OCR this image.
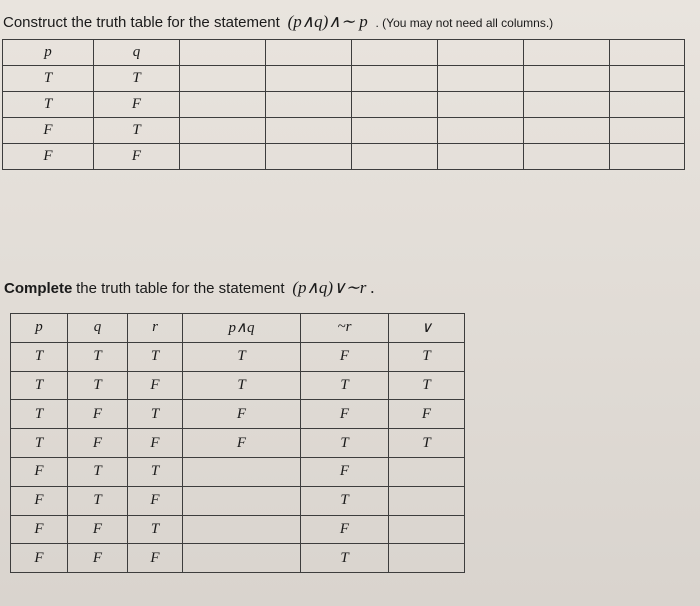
Construct the truth table for the statement (p∧q)∧∼ p . (You may not need all columns.)
p	q						
T	T						
T	F						
F	T						
F	F						
Complete the truth table for the statement (p∧q)∨∼r .
p	q	r	p∧q	~r	∨
T	T	T	T	F	T
T	T	F	T	T	T
T	F	T	F	F	F
T	F	F	F	T	T
F	T	T		F	
F	T	F		T	
F	F	T		F	
F	F	F		T	
